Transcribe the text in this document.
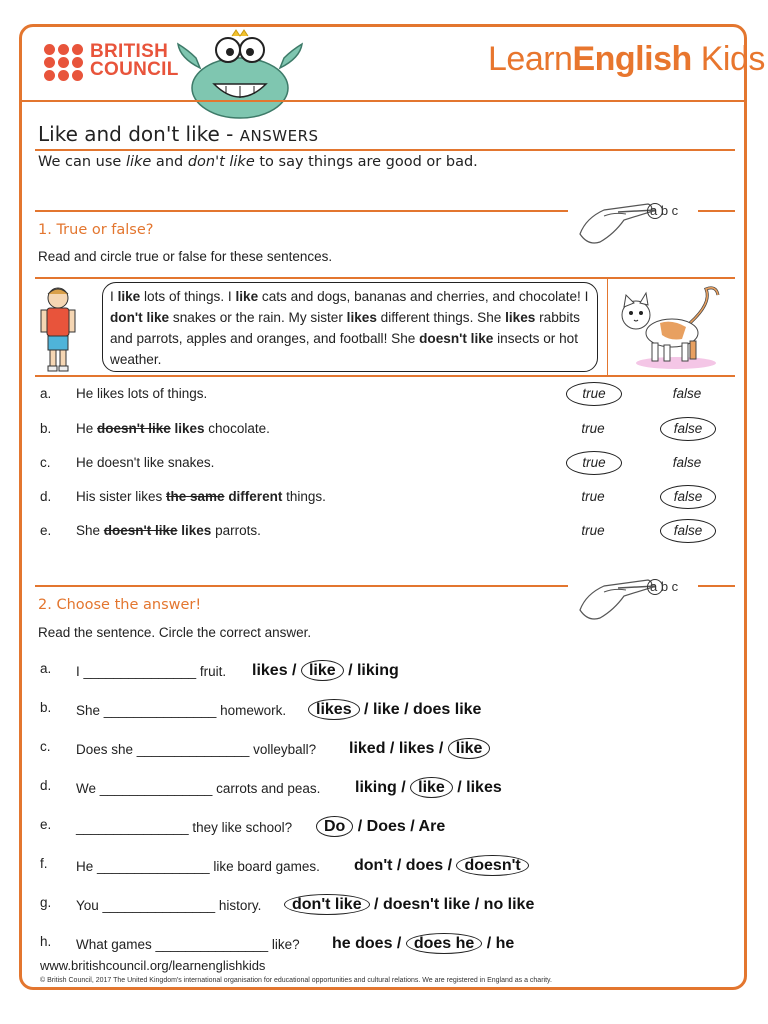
BRITISH
COUNCIL	LearnEnglish Kids
Like and don't like - ANSWERS
We can use like and don't like to say things are good or bad.
a b c
1. True or false?
Read and circle true or false for these sentences.
I like lots of things. I like cats and dogs, bananas and cherries, and chocolate! I don't like snakes or the rain. My sister likes different things. She likes rabbits and parrots, apples and oranges, and football! She doesn't like insects or hot weather.
a. He likes lots of things.	true	false
b. He doesn't like likes chocolate.	true	false
c. He doesn't like snakes.	true	false
d. His sister likes the same different things.	true	false
e. She doesn't like likes parrots.	true	false
a b c
2. Choose the answer!
Read the sentence. Circle the correct answer.
a. I _______________ fruit. likes / like / liking
b. She _______________ homework.	likes / like / does like
c. Does she _______________ volleyball? liked / likes / like
d. We _______________ carrots and peas. liking / like / likes
e. _______________ they like school?	Do / Does / Are
f. He _______________ like board games. don't / does / doesn't
g. You _______________ history.	don't like / doesn't like / no like
h. What games _______________ like? he does / does he / he
www.britishcouncil.org/learnenglishkids
© British Council, 2017 The United Kingdom's international organisation for educational opportunities and cultural relations. We are registered in England as a charity.
